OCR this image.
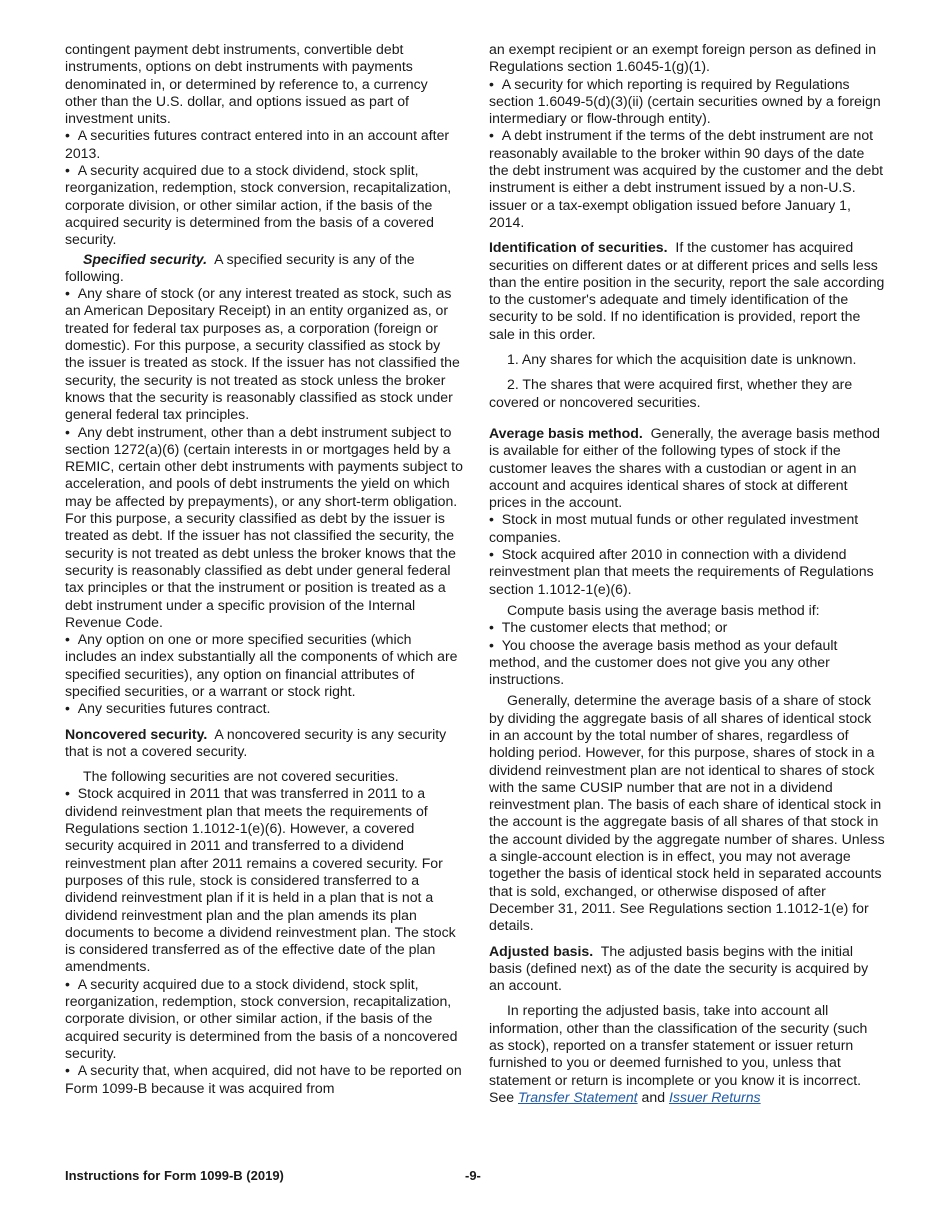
contingent payment debt instruments, convertible debt instruments, options on debt instruments with payments denominated in, or determined by reference to, a currency other than the U.S. dollar, and options issued as part of investment units.

•  A securities futures contract entered into in an account after 2013.

•  A security acquired due to a stock dividend, stock split, reorganization, redemption, stock conversion, recapitalization, corporate division, or other similar action, if the basis of the acquired security is determined from the basis of a covered security.

Specified security. A specified security is any of the following.

•  Any share of stock (or any interest treated as stock, such as an American Depositary Receipt) in an entity organized as, or treated for federal tax purposes as, a corporation (foreign or domestic). For this purpose, a security classified as stock by the issuer is treated as stock. If the issuer has not classified the security, the security is not treated as stock unless the broker knows that the security is reasonably classified as stock under general federal tax principles.

•  Any debt instrument, other than a debt instrument subject to section 1272(a)(6) (certain interests in or mortgages held by a REMIC, certain other debt instruments with payments subject to acceleration, and pools of debt instruments the yield on which may be affected by prepayments), or any short-term obligation. For this purpose, a security classified as debt by the issuer is treated as debt. If the issuer has not classified the security, the security is not treated as debt unless the broker knows that the security is reasonably classified as debt under general federal tax principles or that the instrument or position is treated as a debt instrument under a specific provision of the Internal Revenue Code.

•  Any option on one or more specified securities (which includes an index substantially all the components of which are specified securities), any option on financial attributes of specified securities, or a warrant or stock right.

•  Any securities futures contract.

Noncovered security. A noncovered security is any security that is not a covered security.

The following securities are not covered securities.

•  Stock acquired in 2011 that was transferred in 2011 to a dividend reinvestment plan that meets the requirements of Regulations section 1.1012-1(e)(6). However, a covered security acquired in 2011 and transferred to a dividend reinvestment plan after 2011 remains a covered security. For purposes of this rule, stock is considered transferred to a dividend reinvestment plan if it is held in a plan that is not a dividend reinvestment plan and the plan amends its plan documents to become a dividend reinvestment plan. The stock is considered transferred as of the effective date of the plan amendments.

•  A security acquired due to a stock dividend, stock split, reorganization, redemption, stock conversion, recapitalization, corporate division, or other similar action, if the basis of the acquired security is determined from the basis of a noncovered security.

•  A security that, when acquired, did not have to be reported on Form 1099-B because it was acquired from

an exempt recipient or an exempt foreign person as defined in Regulations section 1.6045-1(g)(1).

•  A security for which reporting is required by Regulations section 1.6049-5(d)(3)(ii) (certain securities owned by a foreign intermediary or flow-through entity).

•  A debt instrument if the terms of the debt instrument are not reasonably available to the broker within 90 days of the date the debt instrument was acquired by the customer and the debt instrument is either a debt instrument issued by a non-U.S. issuer or a tax-exempt obligation issued before January 1, 2014.

Identification of securities. If the customer has acquired securities on different dates or at different prices and sells less than the entire position in the security, report the sale according to the customer's adequate and timely identification of the security to be sold. If no identification is provided, report the sale in this order.

1. Any shares for which the acquisition date is unknown.

2. The shares that were acquired first, whether they are covered or noncovered securities.

Average basis method. Generally, the average basis method is available for either of the following types of stock if the customer leaves the shares with a custodian or agent in an account and acquires identical shares of stock at different prices in the account.

•  Stock in most mutual funds or other regulated investment companies.

•  Stock acquired after 2010 in connection with a dividend reinvestment plan that meets the requirements of Regulations section 1.1012-1(e)(6).

Compute basis using the average basis method if:

•  The customer elects that method; or

•  You choose the average basis method as your default method, and the customer does not give you any other instructions.

Generally, determine the average basis of a share of stock by dividing the aggregate basis of all shares of identical stock in an account by the total number of shares, regardless of holding period. However, for this purpose, shares of stock in a dividend reinvestment plan are not identical to shares of stock with the same CUSIP number that are not in a dividend reinvestment plan. The basis of each share of identical stock in the account is the aggregate basis of all shares of that stock in the account divided by the aggregate number of shares. Unless a single-account election is in effect, you may not average together the basis of identical stock held in separated accounts that is sold, exchanged, or otherwise disposed of after December 31, 2011. See Regulations section 1.1012-1(e) for details.

Adjusted basis. The adjusted basis begins with the initial basis (defined next) as of the date the security is acquired by an account.

In reporting the adjusted basis, take into account all information, other than the classification of the security (such as stock), reported on a transfer statement or issuer return furnished to you or deemed furnished to you, unless that statement or return is incomplete or you know it is incorrect. See Transfer Statement and Issuer Returns

Instructions for Form 1099-B (2019)	-9-
